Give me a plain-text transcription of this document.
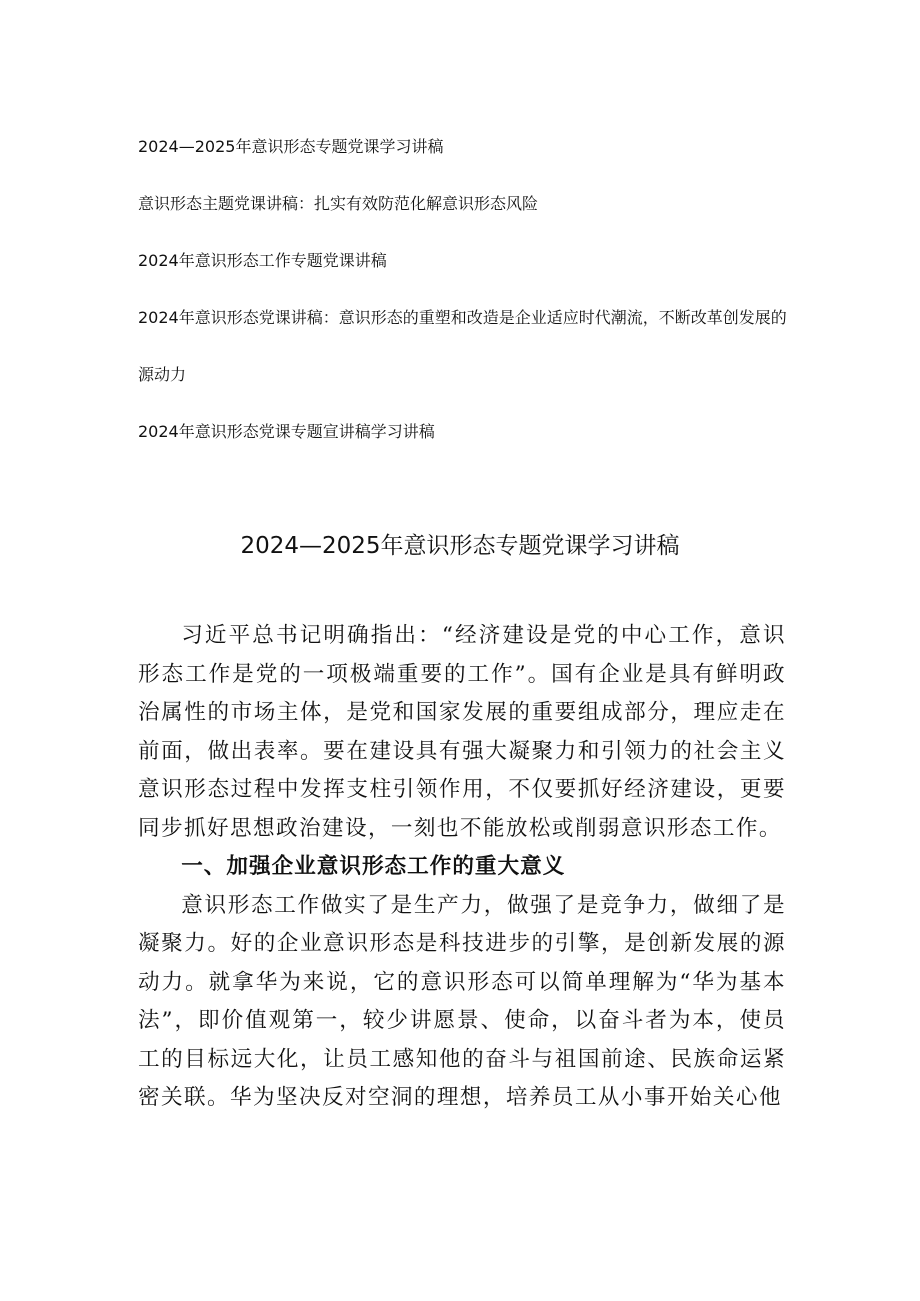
2024—2025年意识形态专题党课学习讲稿
意识形态主题党课讲稿：扎实有效防范化解意识形态风险
2024年意识形态工作专题党课讲稿
2024年意识形态党课讲稿：意识形态的重塑和改造是企业适应时代潮流，不断改革创发展的源动力
2024年意识形态党课专题宣讲稿学习讲稿
2024—2025年意识形态专题党课学习讲稿

习近平总书记明确指出：“经济建设是党的中心工作，意识形态工作是党的一项极端重要的工作”。国有企业是具有鲜明政治属性的市场主体，是党和国家发展的重要组成部分，理应走在前面，做出表率。要在建设具有强大凝聚力和引领力的社会主义意识形态过程中发挥支柱引领作用，不仅要抓好经济建设，更要同步抓好思想政治建设，一刻也不能放松或削弱意识形态工作。

一、加强企业意识形态工作的重大意义

意识形态工作做实了是生产力，做强了是竞争力，做细了是凝聚力。好的企业意识形态是科技进步的引擎，是创新发展的源动力。就拿华为来说，它的意识形态可以简单理解为“华为基本法”，即价值观第一，较少讲愿景、使命，以奋斗者为本，使员工的目标远大化，让员工感知他的奋斗与祖国前途、民族命运紧密关联。华为坚决反对空洞的理想，培养员工从小事开始关心他
